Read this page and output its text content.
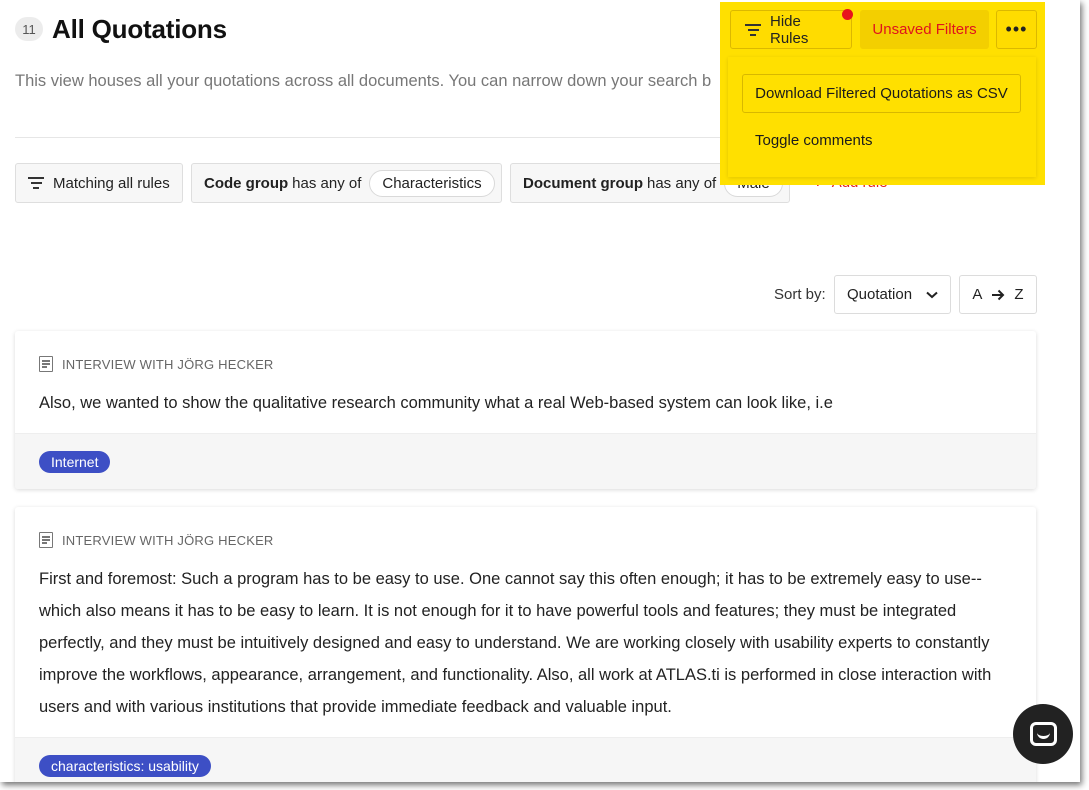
11 All Quotations

This view houses all your quotations across all documents. You can narrow down your search b

Matching all rules Code group has any of	Characteristics	Document group has any of
Sort by: Quotation	A Z
INTERVIEW WITH JÖRG HECKER

Also, we wanted to show the qualitative research community what a real Web-based system can look like, i.e

Internet
INTERVIEW WITH JÖRG HECKER

First and foremost: Such a program has to be easy to use. One cannot say this often enough; it has to be extremely easy to use--which also means it has to be easy to learn. It is not enough for it to have powerful tools and features; they must be integrated perfectly, and they must be intuitively designed and easy to understand. We are working closely with usability experts to constantly improve the workflows, appearance, arrangement, and functionality. Also, all work at ATLAS.ti is performed in close interaction with users and with various institutions that provide immediate feedback and valuable input.

characteristics: usability
Hide Rules	Unsaved Filters	•••
Download Filtered Quotations as CSV
Toggle comments
